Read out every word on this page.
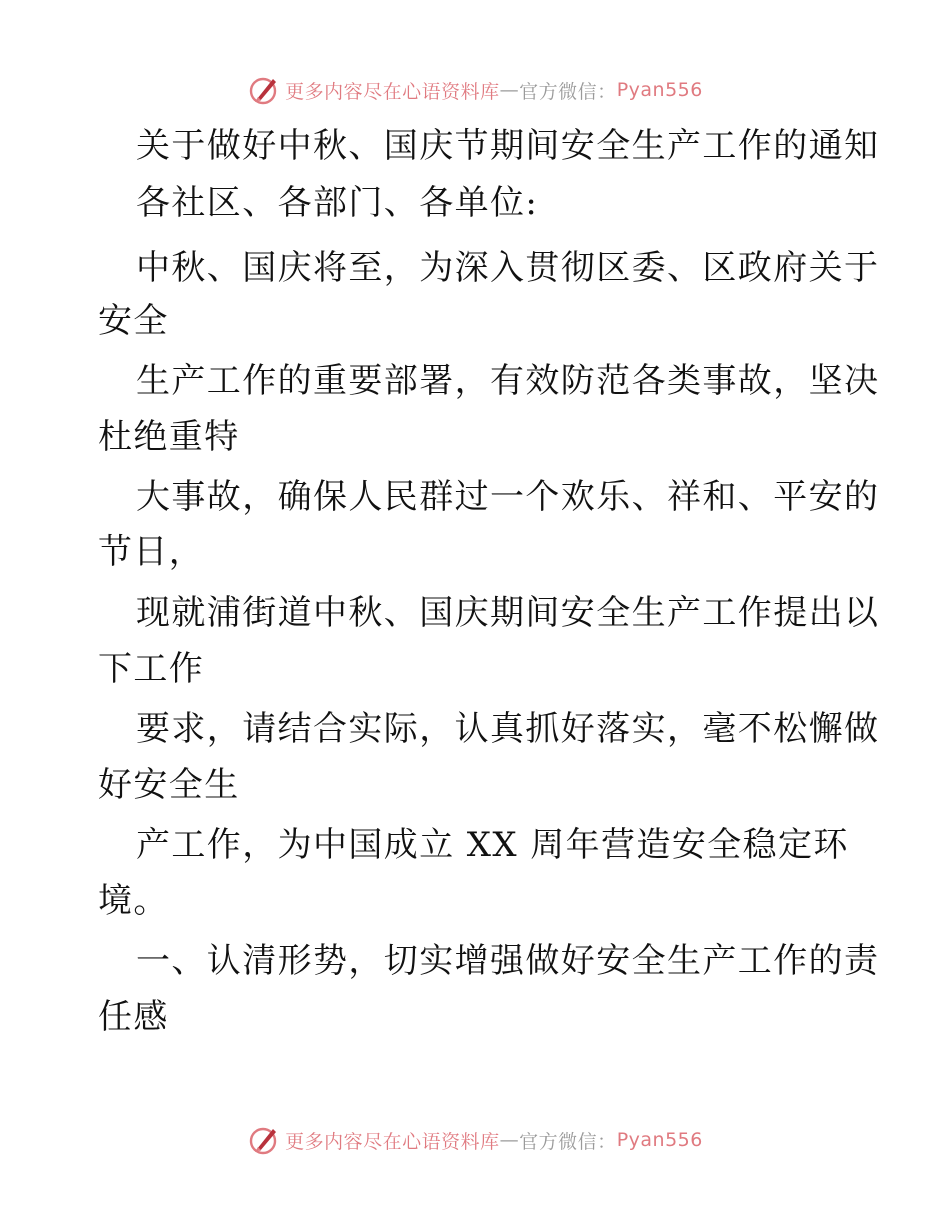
更多内容尽在心语资料库 — 官方微信： Pyan556
关于做好中秋、国庆节期间安全生产工作的通知
各社区、各部门、各单位:
中秋、国庆将至，为深入贯彻区委、区政府关于
安全
生产工作的重要部署，有效防范各类事故，坚决
杜绝重特
大事故，确保人民群过一个欢乐、祥和、平安的
节日，
现就浦街道中秋、国庆期间安全生产工作提出以
下工作
要求，请结合实际，认真抓好落实，毫不松懈做
好安全生
产工作，为中国成立 XX 周年营造安全稳定环
境。
一、认清形势，切实增强做好安全生产工作的责
任感
更多内容尽在心语资料库 — 官方微信： Pyan556
